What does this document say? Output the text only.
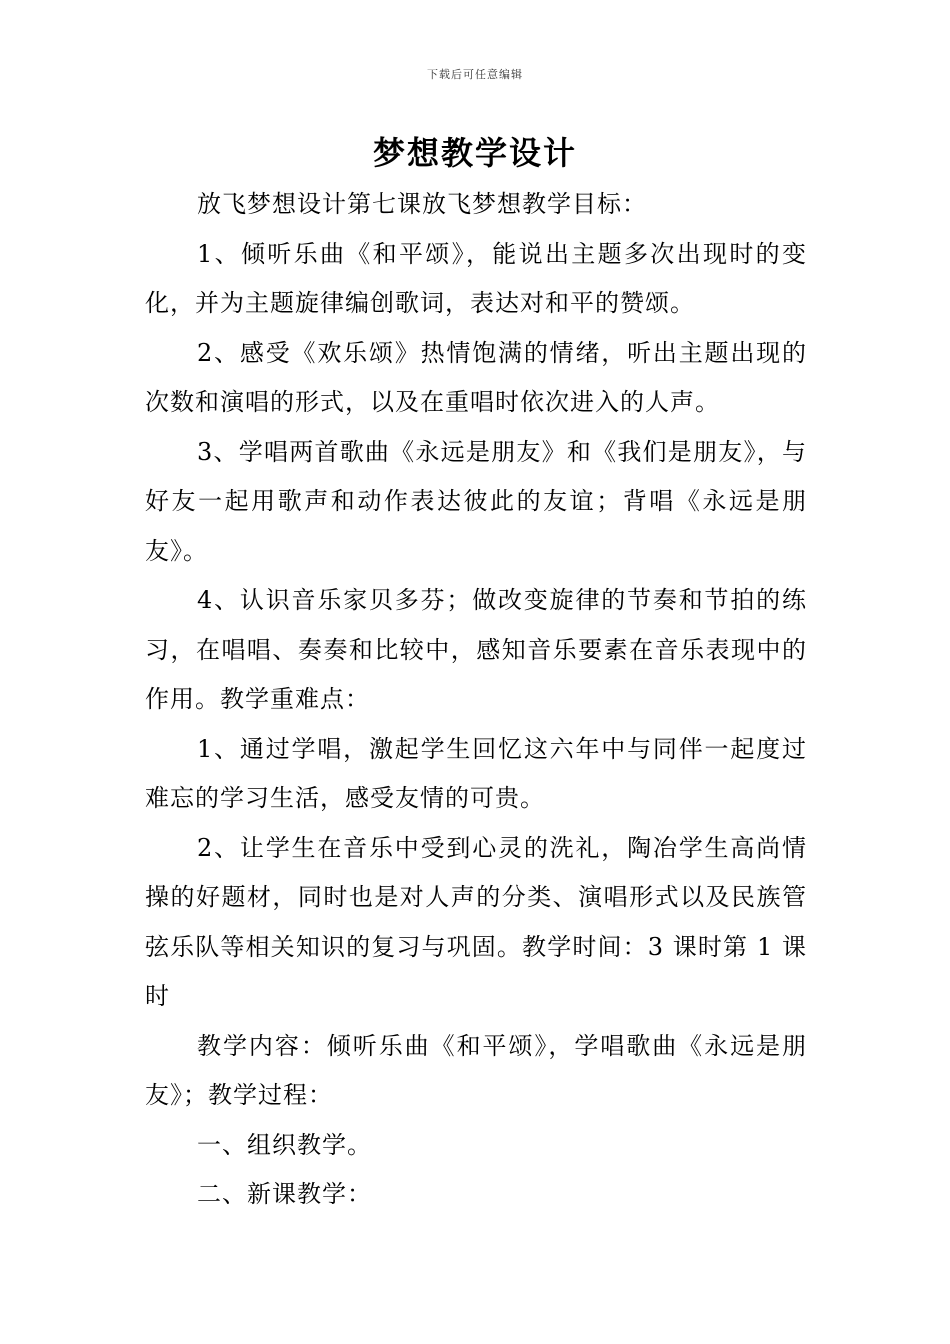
下载后可任意编辑
梦想教学设计

放飞梦想设计第七课放飞梦想教学目标：

1、倾听乐曲《和平颂》，能说出主题多次出现时的变化，并为主题旋律编创歌词，表达对和平的赞颂。

2、感受《欢乐颂》热情饱满的情绪，听出主题出现的次数和演唱的形式，以及在重唱时依次进入的人声。

3、学唱两首歌曲《永远是朋友》和《我们是朋友》，与好友一起用歌声和动作表达彼此的友谊；背唱《永远是朋友》。

4、认识音乐家贝多芬；做改变旋律的节奏和节拍的练习，在唱唱、奏奏和比较中，感知音乐要素在音乐表现中的作用。教学重难点：

1、通过学唱，激起学生回忆这六年中与同伴一起度过难忘的学习生活，感受友情的可贵。

2、让学生在音乐中受到心灵的洗礼，陶冶学生高尚情操的好题材，同时也是对人声的分类、演唱形式以及民族管弦乐队等相关知识的复习与巩固。教学时间：3 课时第 1 课时

教学内容：倾听乐曲《和平颂》，学唱歌曲《永远是朋友》；教学过程：

一、组织教学。

二、新课教学：
